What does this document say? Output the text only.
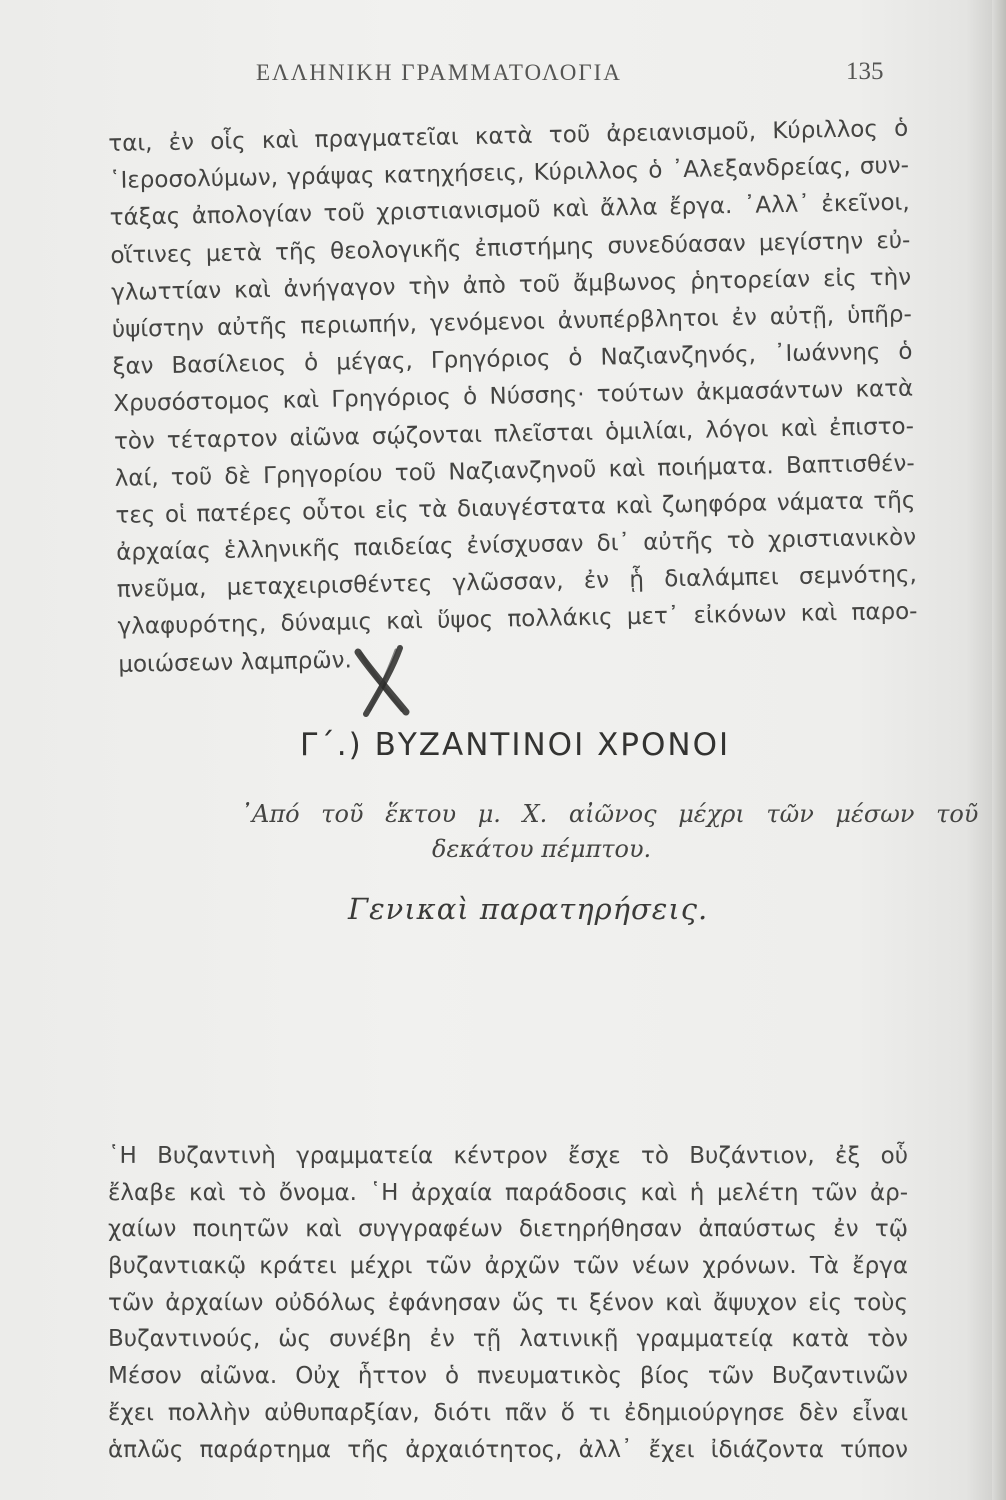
ΕΛΛΗΝΙΚΗ ΓΡΑΜΜΑΤΟΛΟΓΙΑ	135
ται, ἐν οἷς καὶ πραγματεῖαι κατὰ τοῦ ἀρειανισμοῦ, Κύριλλος ὁ
῾Ιεροσολύμων, γράψας κατηχήσεις, Κύριλλος ὁ ᾿Αλεξανδρείας, συν-
τάξας ἀπολογίαν τοῦ χριστιανισμοῦ καὶ ἄλλα ἔργα. ᾿Αλλ᾿ ἐκεῖνοι,
οἵτινες μετὰ τῆς θεολογικῆς ἐπιστήμης συνεδύασαν μεγίστην εὐ-
γλωττίαν καὶ ἀνήγαγον τὴν ἀπὸ τοῦ ἄμβωνος ῥητορείαν εἰς τὴν
ὑψίστην αὐτῆς περιωπήν, γενόμενοι ἀνυπέρβλητοι ἐν αὐτῇ, ὑπῆρ-
ξαν Βασίλειος ὁ μέγας, Γρηγόριος ὁ Ναζιανζηνός, ᾿Ιωάννης ὁ
Χρυσόστομος καὶ Γρηγόριος ὁ Νύσσης· τούτων ἀκμασάντων κατὰ
τὸν τέταρτον αἰῶνα σῴζονται πλεῖσται ὁμιλίαι, λόγοι καὶ ἐπιστο-
λαί, τοῦ δὲ Γρηγορίου τοῦ Ναζιανζηνοῦ καὶ ποιήματα. Βαπτισθέν-
τες οἱ πατέρες οὗτοι εἰς τὰ διαυγέστατα καὶ ζωηφόρα νάματα τῆς
ἀρχαίας ἑλληνικῆς παιδείας ἐνίσχυσαν δι᾿ αὐτῆς τὸ χριστιανικὸν
πνεῦμα, μεταχειρισθέντες γλῶσσαν, ἐν ᾗ διαλάμπει σεμνότης,
γλαφυρότης, δύναμις καὶ ὕψος πολλάκις μετ᾿ εἰκόνων καὶ παρο-
μοιώσεων λαμπρῶν.
Γ΄.) ΒΥΖΑΝΤΙΝΟΙ ΧΡΟΝΟΙ
᾿Από τοῦ ἕκτου μ. Χ. αἰῶνος μέχρι τῶν μέσων τοῦ
δεκάτου πέμπτου.
Γενικαὶ παρατηρήσεις.
῾Η Βυζαντινὴ γραμματεία κέντρον ἔσχε τὸ Βυζάντιον, ἐξ οὗ
ἔλαβε καὶ τὸ ὄνομα. ῾Η ἀρχαία παράδοσις καὶ ἡ μελέτη τῶν ἀρ-
χαίων ποιητῶν καὶ συγγραφέων διετηρήθησαν ἀπαύστως ἐν τῷ
βυζαντιακῷ κράτει μέχρι τῶν ἀρχῶν τῶν νέων χρόνων. Τὰ ἔργα
τῶν ἀρχαίων οὐδόλως ἐφάνησαν ὥς τι ξένον καὶ ἄψυχον εἰς τοὺς
Βυζαντινούς, ὡς συνέβη ἐν τῇ λατινικῇ γραμματείᾳ κατὰ τὸν
Μέσον αἰῶνα. Οὐχ ἧττον ὁ πνευματικὸς βίος τῶν Βυζαντινῶν
ἔχει πολλὴν αὐθυπαρξίαν, διότι πᾶν ὅ τι ἐδημιούργησε δὲν εἶναι
ἁπλῶς παράρτημα τῆς ἀρχαιότητος, ἀλλ᾿ ἔχει ἰδιάζοντα τύπον
